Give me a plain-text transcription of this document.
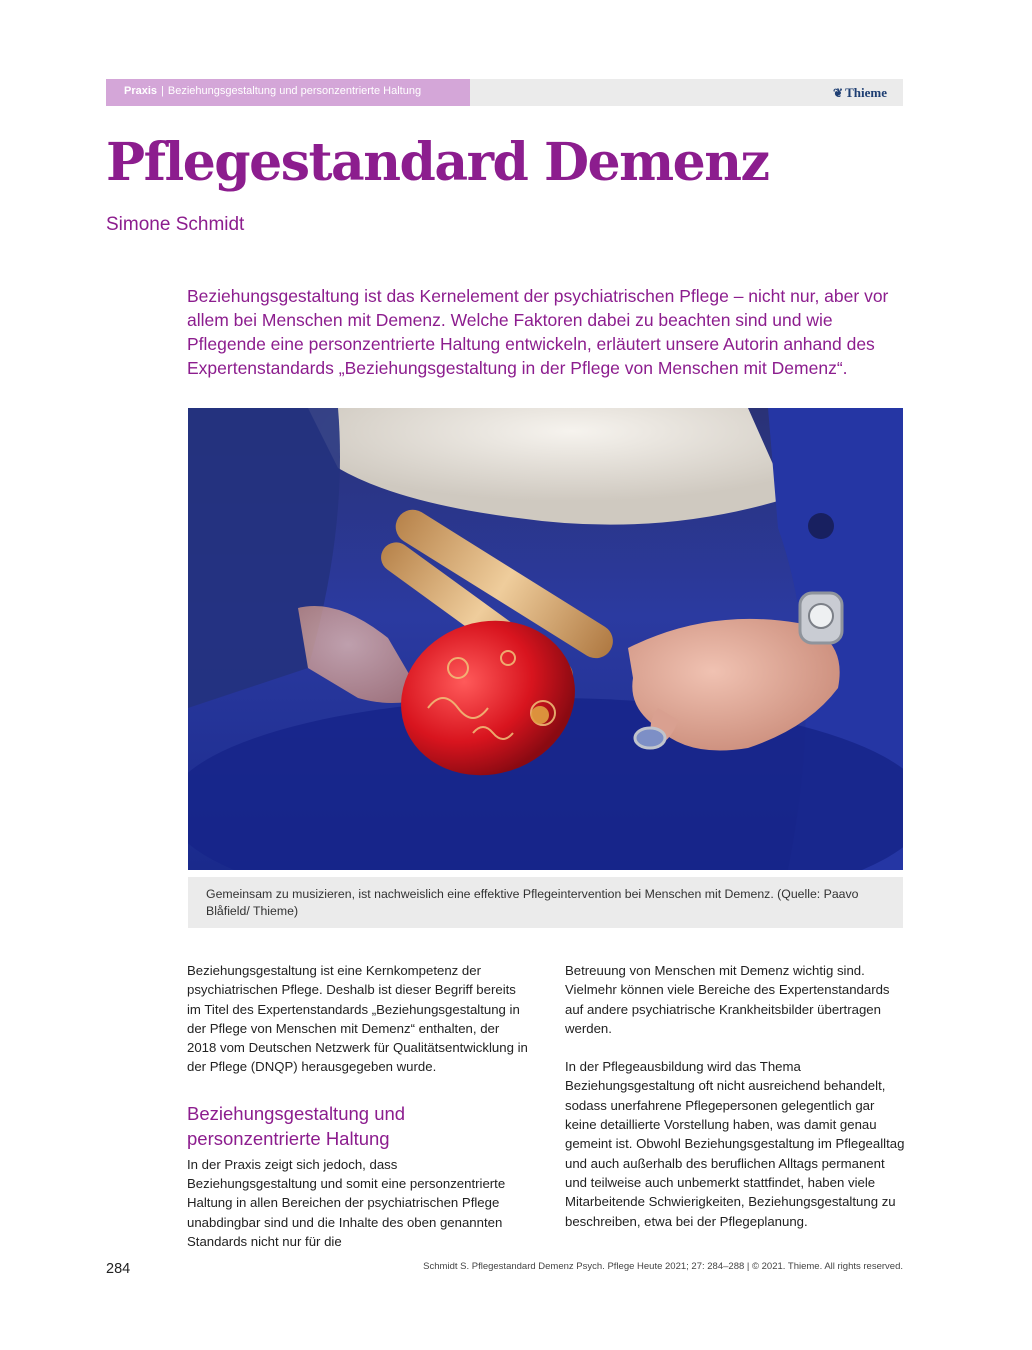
Praxis | Beziehungsgestaltung und personzentrierte Haltung	❦ Thieme
Pflegestandard Demenz
Simone Schmidt

Beziehungsgestaltung ist das Kernelement der psychiatrischen Pflege – nicht nur, aber vor allem bei Menschen mit Demenz. Welche Faktoren dabei zu beachten sind und wie Pflegende eine personzentrierte Haltung entwickeln, erläutert unsere Autorin anhand des Expertenstandards „Beziehungsgestaltung in der Pflege von Menschen mit Demenz“.

Gemeinsam zu musizieren, ist nachweislich eine effektive Pflegeintervention bei Menschen mit Demenz. (Quelle: Paavo Blåfield/ Thieme)

Beziehungsgestaltung ist eine Kernkompetenz der psychiatrischen Pflege. Deshalb ist dieser Begriff bereits im Titel des Expertenstandards „Beziehungsgestaltung in der Pflege von Menschen mit Demenz“ enthalten, der 2018 vom Deutschen Netzwerk für Qualitätsentwicklung in der Pflege (DNQP) herausgegeben wurde.

Beziehungsgestaltung und personzentrierte Haltung

In der Praxis zeigt sich jedoch, dass Beziehungsgestaltung und somit eine personzentrierte Haltung in allen Bereichen der psychiatrischen Pflege unabdingbar sind und die Inhalte des oben genannten Standards nicht nur für die

Betreuung von Menschen mit Demenz wichtig sind. Vielmehr können viele Bereiche des Expertenstandards auf andere psychiatrische Krankheitsbilder übertragen werden.

In der Pflegeausbildung wird das Thema Beziehungsgestaltung oft nicht ausreichend behandelt, sodass unerfahrene Pflegepersonen gelegentlich gar keine detaillierte Vorstellung haben, was damit genau gemeint ist. Obwohl Beziehungsgestaltung im Pflegealltag und auch außerhalb des beruflichen Alltags permanent und teilweise auch unbemerkt stattfindet, haben viele Mitarbeitende Schwierigkeiten, Beziehungsgestaltung zu beschreiben, etwa bei der Pflegeplanung.

284	Schmidt S. Pflegestandard Demenz Psych. Pflege Heute 2021; 27: 284–288 | © 2021. Thieme. All rights reserved.
